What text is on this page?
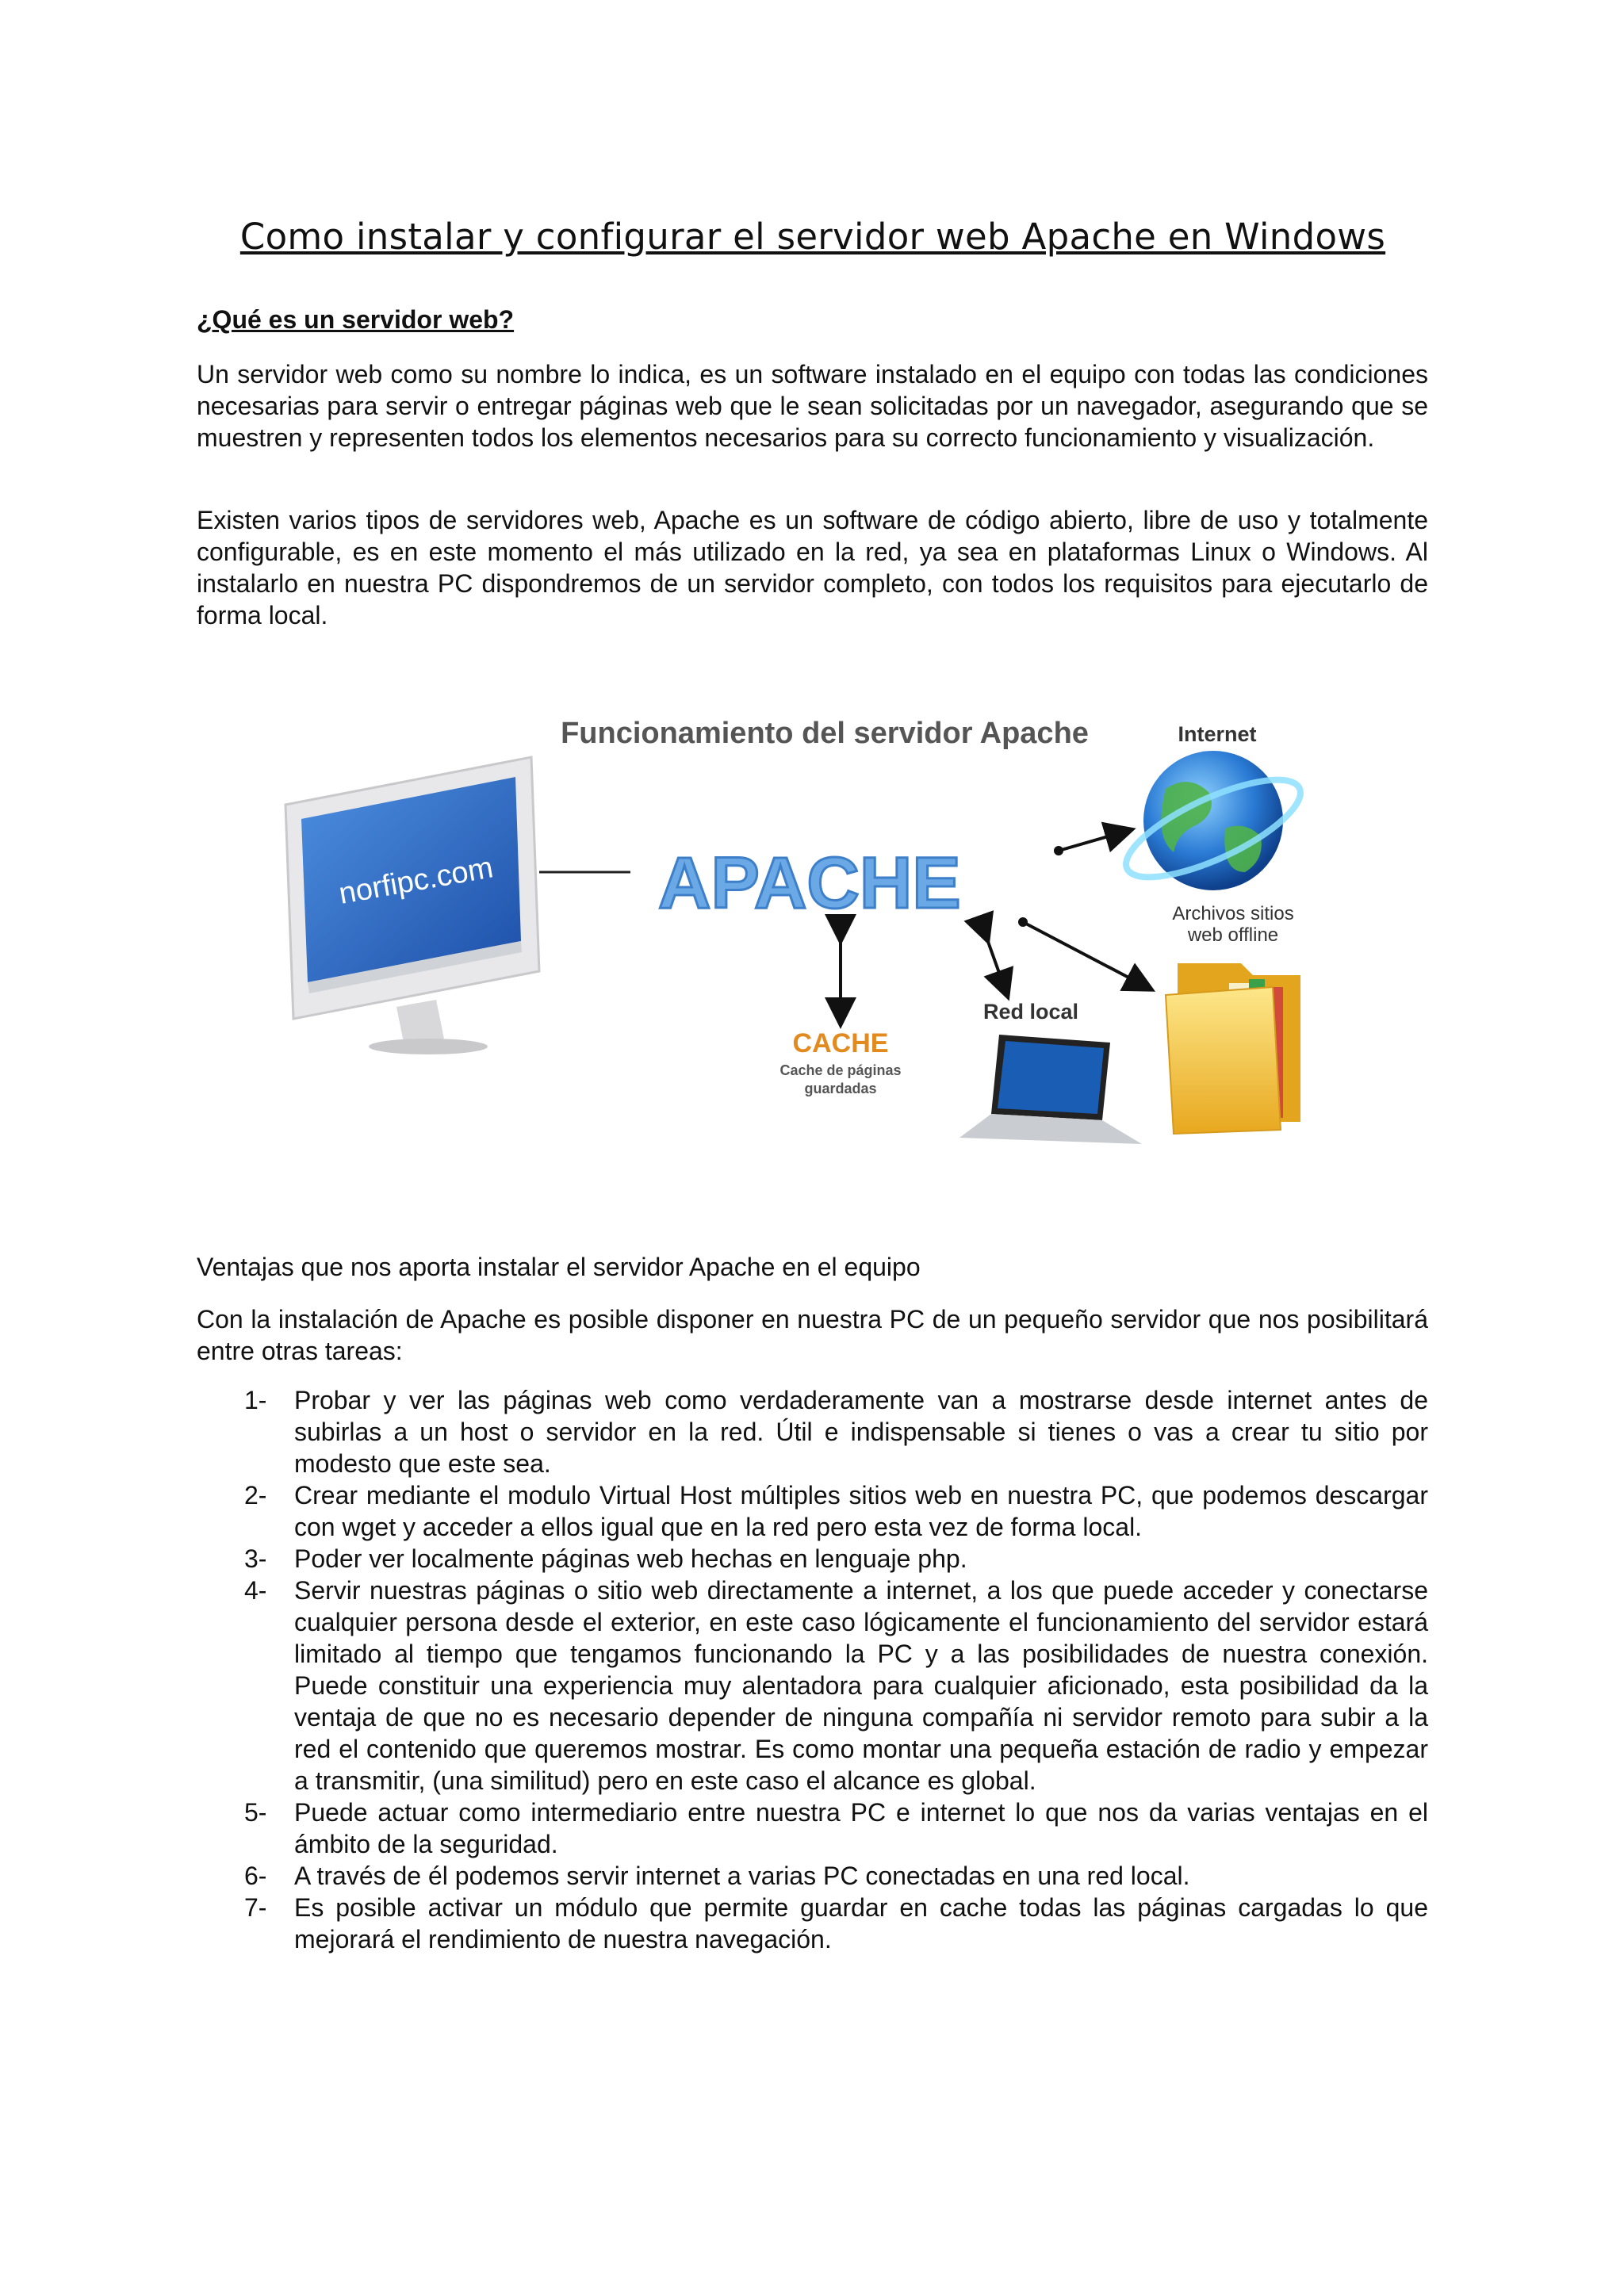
Como instalar y configurar el servidor web Apache en Windows
¿Qué es un servidor web?

Un servidor web como su nombre lo indica, es un software instalado en el equipo con todas las condiciones necesarias para servir o entregar páginas web que le sean solicitadas por un navegador, asegurando que se muestren y representen todos los elementos necesarios para su correcto funcionamiento y visualización.

Existen varios tipos de servidores web, Apache es un software de código abierto, libre de uso y totalmente configurable, es en este momento el más utilizado en la red, ya sea en plataformas Linux o Windows. Al instalarlo en nuestra PC dispondremos de un servidor completo, con todos los requisitos para ejecutarlo de forma local.

Funcionamiento del servidor Apache
norfipc.com APACHE
Internet
Archivos sitios
web offline
Red local
CACHE
Cache de páginas
guardadas

Ventajas que nos aporta instalar el servidor Apache en el equipo

Con la instalación de Apache es posible disponer en nuestra PC de un pequeño servidor que nos posibilitará entre otras tareas:

1- Probar y ver las páginas web como verdaderamente van a mostrarse desde internet antes de subirlas a un host o servidor en la red. Útil e indispensable si tienes o vas a crear tu sitio por modesto que este sea.
2- Crear mediante el modulo Virtual Host múltiples sitios web en nuestra PC, que podemos descargar con wget y acceder a ellos igual que en la red pero esta vez de forma local.
3- Poder ver localmente páginas web hechas en lenguaje php.
4- Servir nuestras páginas o sitio web directamente a internet, a los que puede acceder y conectarse cualquier persona desde el exterior, en este caso lógicamente el funcionamiento del servidor estará limitado al tiempo que tengamos funcionando la PC y a las posibilidades de nuestra conexión. Puede constituir una experiencia muy alentadora para cualquier aficionado, esta posibilidad da la ventaja de que no es necesario depender de ninguna compañía ni servidor remoto para subir a la red el contenido que queremos mostrar. Es como montar una pequeña estación de radio y empezar a transmitir, (una similitud) pero en este caso el alcance es global.
5- Puede actuar como intermediario entre nuestra PC e internet lo que nos da varias ventajas en el ámbito de la seguridad.
6- A través de él podemos servir internet a varias PC conectadas en una red local.
7- Es posible activar un módulo que permite guardar en cache todas las páginas cargadas lo que mejorará el rendimiento de nuestra navegación.
